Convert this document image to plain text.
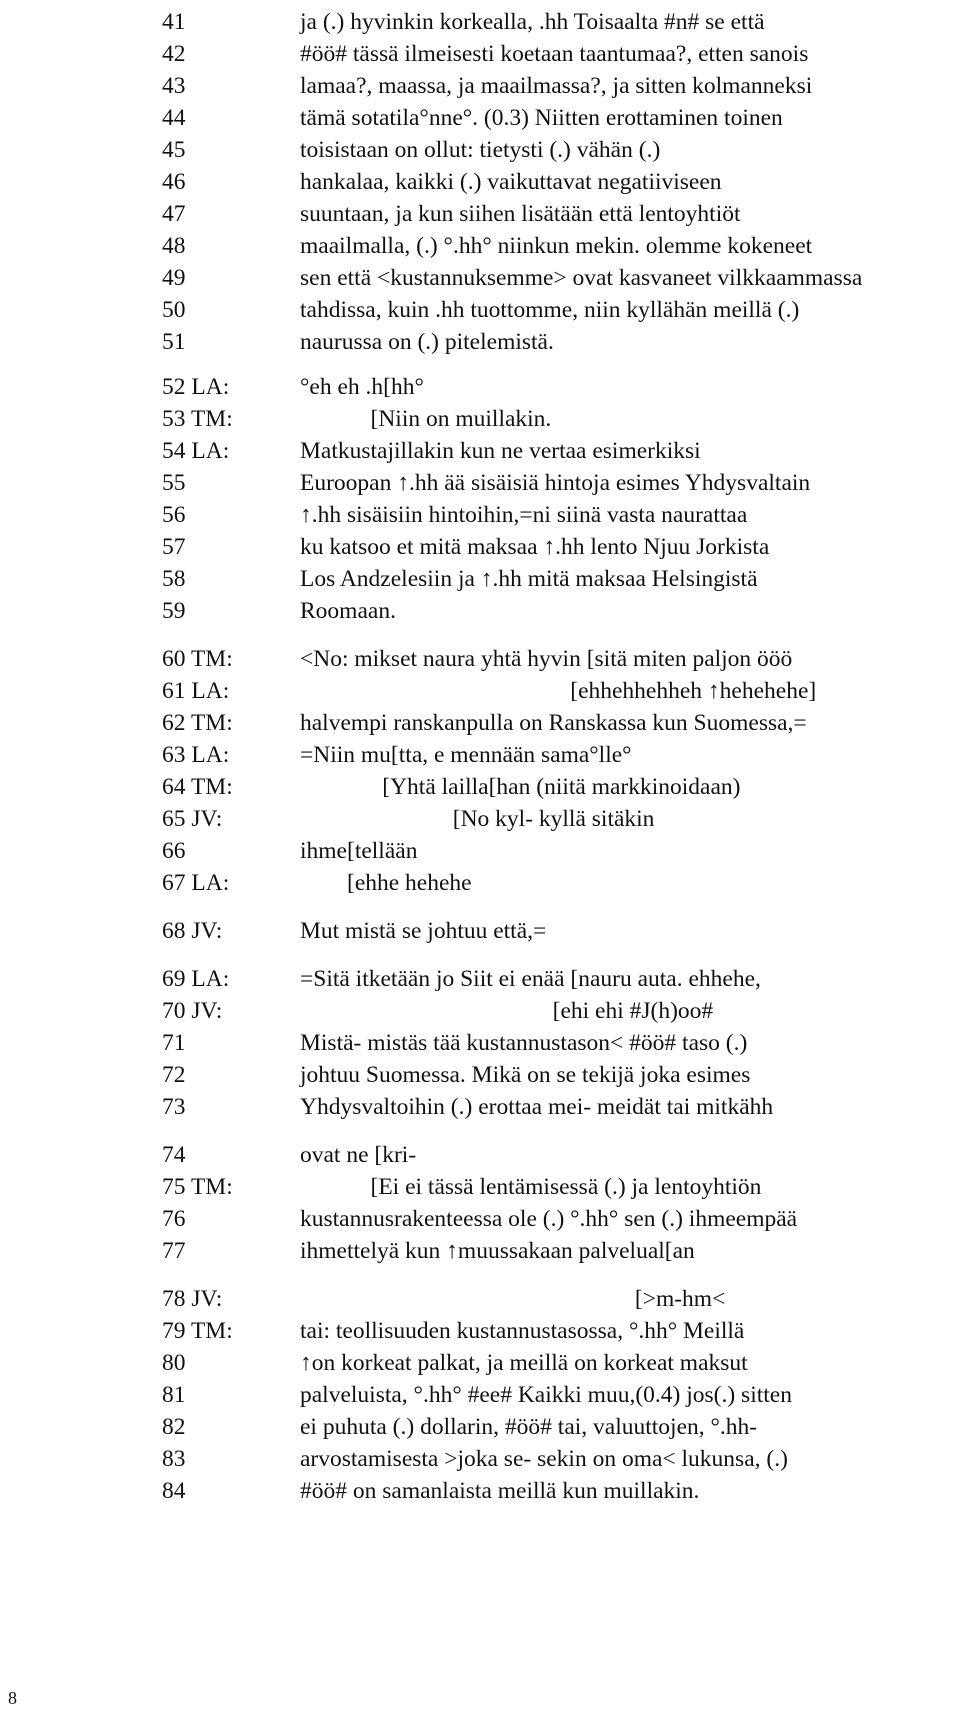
41	ja (.) hyvinkin korkealla, .hh Toisaalta #n# se että
42	#öö# tässä ilmeisesti koetaan taantumaa?, etten sanois
43	lamaa?, maassa, ja maailmassa?, ja sitten kolmanneksi
44	tämä sotatila°nne°. (0.3) Niitten erottaminen toinen
45	toisistaan on ollut: tietysti (.) vähän (.)
46	hankalaa, kaikki (.) vaikuttavat negatiiviseen
47	suuntaan, ja kun siihen lisätään että lentoyhtiöt
48	maailmalla, (.) °.hh° niinkun mekin. olemme kokeneet
49	sen että <kustannuksemme> ovat kasvaneet vilkkaammassa
50	tahdissa, kuin .hh tuottomme, niin kyllähän meillä (.)
51	naurussa on (.) pitelemistä.
52 LA:	°eh eh .h[hh°
53 TM:	[Niin on muillakin.
54 LA:	Matkustajillakin kun ne vertaa esimerkiksi
55	Euroopan ↑.hh ää sisäisiä hintoja esimes Yhdysvaltain
56	↑.hh sisäisiin hintoihin,=ni siinä vasta naurattaa
57	ku katsoo et mitä maksaa ↑.hh lento Njuu Jorkista
58	Los Andzelesiin ja ↑.hh mitä maksaa Helsingistä
59	Roomaan.
60 TM:	<No: mikset naura yhtä hyvin [sitä miten paljon ööö
61 LA:	[ehhehhehheh ↑hehehehe]
62 TM:	halvempi ranskanpulla on Ranskassa kun Suomessa,=
63 LA:	=Niin mu[tta, e mennään sama°lle°
64 TM:	[Yhtä lailla[han (niitä markkinoidaan)
65 JV:	[No kyl- kyllä sitäkin
66	ihme[tellään
67 LA:	[ehhe hehehe
68 JV:	Mut mistä se johtuu että,=
69 LA:	=Sitä itketään jo Siit ei enää [nauru auta. ehhehe,
70 JV:	[ehi ehi #J(h)oo#
71	Mistä- mistäs tää kustannustason< #öö# taso (.)
72	johtuu Suomessa. Mikä on se tekijä joka esimes
73	Yhdysvaltoihin (.) erottaa mei- meidät tai mitkähh
74	ovat ne [kri-
75 TM:	[Ei ei tässä lentämisessä (.) ja lentoyhtiön
76	kustannusrakenteessa ole (.) °.hh° sen (.) ihmeempää
77	ihmettelyä kun ↑muussakaan palvelual[an
78 JV:	[>m-hm<
79 TM:	tai: teollisuuden kustannustasossa, °.hh° Meillä
80	↑on korkeat palkat, ja meillä on korkeat maksut
81	palveluista, °.hh° #ee# Kaikki muu,(0.4) jos(.) sitten
82	ei puhuta (.) dollarin, #öö# tai, valuuttojen, °.hh-
83	arvostamisesta >joka se- sekin on oma< lukunsa, (.)
84	#öö# on samanlaista meillä kun muillakin.
8
